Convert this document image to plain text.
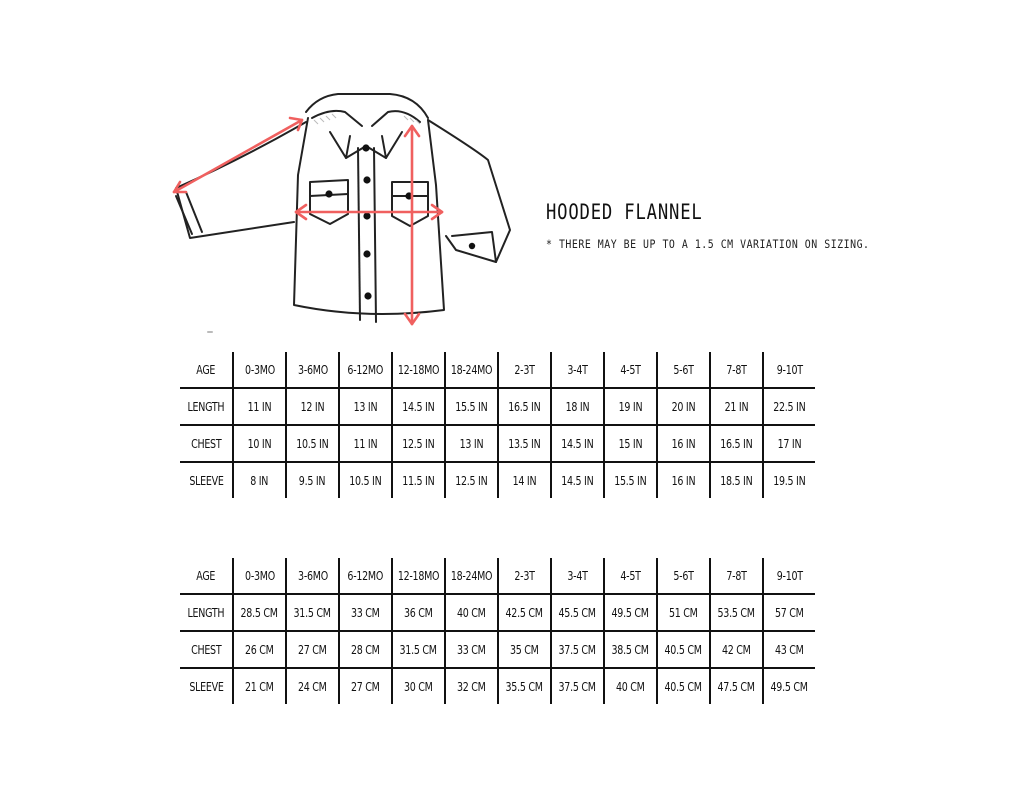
HOODED FLANNEL
* THERE MAY BE UP TO A 1.5 CM VARIATION ON SIZING.
AGE	0-3MO	3-6MO	6-12MO	12-18MO	18-24MO	2-3T	3-4T	4-5T	5-6T	7-8T	9-10T
LENGTH	11 IN	12 IN	13 IN	14.5 IN	15.5 IN	16.5 IN	18 IN	19 IN	20 IN	21 IN	22.5 IN
CHEST	10 IN	10.5 IN	11 IN	12.5 IN	13 IN	13.5 IN	14.5 IN	15 IN	16 IN	16.5 IN	17 IN
SLEEVE	8 IN	9.5 IN	10.5 IN	11.5 IN	12.5 IN	14 IN	14.5 IN	15.5 IN	16 IN	18.5 IN	19.5 IN
AGE	0-3MO	3-6MO	6-12MO	12-18MO	18-24MO	2-3T	3-4T	4-5T	5-6T	7-8T	9-10T
LENGTH	28.5 CM	31.5 CM	33 CM	36 CM	40 CM	42.5 CM	45.5 CM	49.5 CM	51 CM	53.5 CM	57 CM
CHEST	26 CM	27 CM	28 CM	31.5 CM	33 CM	35 CM	37.5 CM	38.5 CM	40.5 CM	42 CM	43 CM
SLEEVE	21 CM	24 CM	27 CM	30 CM	32 CM	35.5 CM	37.5 CM	40 CM	40.5 CM	47.5 CM	49.5 CM
